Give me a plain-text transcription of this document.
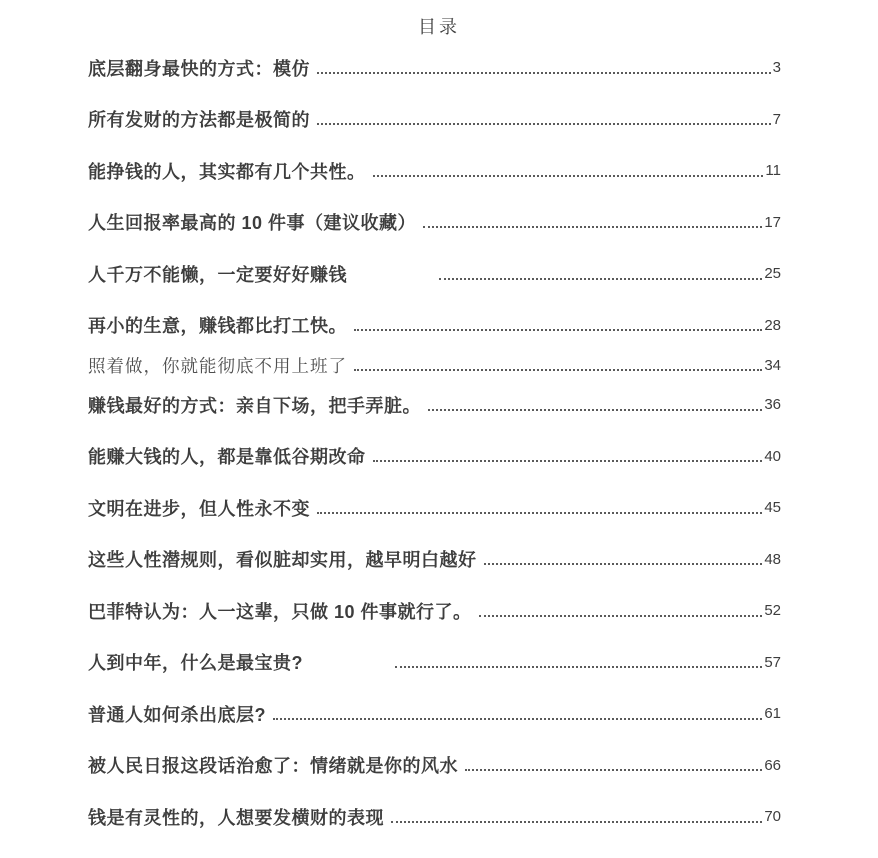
目录
底层翻身最快的方式：模仿	3
所有发财的方法都是极简的	7
能挣钱的人，其实都有几个共性。	11
人生回报率最高的 10 件事（建议收藏）	17
人千万不能懒，一定要好好赚钱	25
再小的生意，赚钱都比打工快。	28
照着做，你就能彻底不用上班了	34
赚钱最好的方式：亲自下场，把手弄脏。	36
能赚大钱的人，都是靠低谷期改命	40
文明在进步，但人性永不变	45
这些人性潜规则，看似脏却实用，越早明白越好	48
巴菲特认为：人一这辈，只做 10 件事就行了。	52
人到中年，什么是最宝贵?	57
普通人如何杀出底层?	61
被人民日报这段话治愈了：情绪就是你的风水	66
钱是有灵性的，人想要发横财的表现	70
